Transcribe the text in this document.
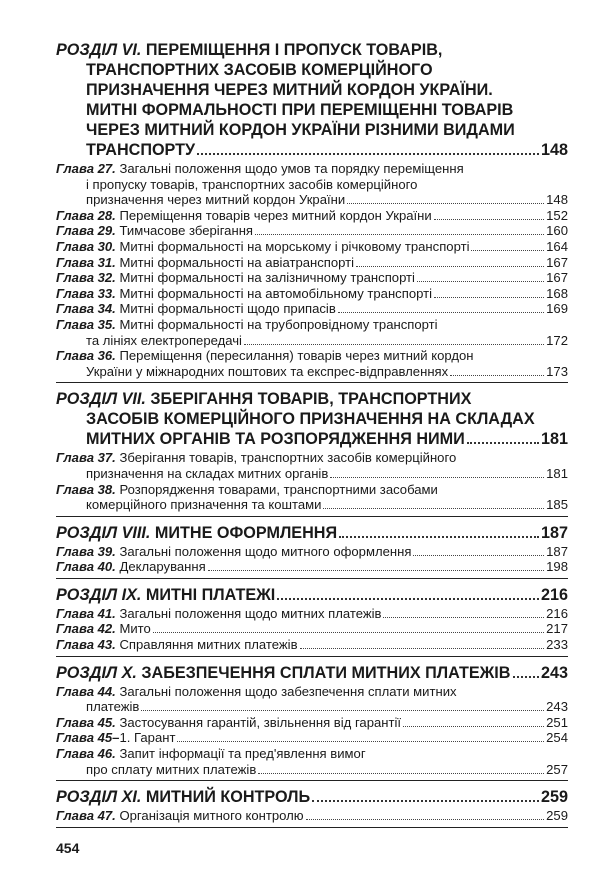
РОЗДІЛ VI. ПЕРЕМІЩЕННЯ І ПРОПУСК ТОВАРІВ,
ТРАНСПОРТНИХ ЗАСОБІВ КОМЕРЦІЙНОГО
ПРИЗНАЧЕННЯ ЧЕРЕЗ МИТНИЙ КОРДОН УКРАЇНИ.
МИТНІ ФОРМАЛЬНОСТІ ПРИ ПЕРЕМІЩЕННІ ТОВАРІВ
ЧЕРЕЗ МИТНИЙ КОРДОН УКРАЇНИ РІЗНИМИ ВИДАМИ
ТРАНСПОРТУ	148
Глава 27. Загальні положення щодо умов та порядку переміщення
і пропуску товарів, транспортних засобів комерційного
призначення через митний кордон України	148
Глава 28. Переміщення товарів через митний кордон України	152
Глава 29. Тимчасове зберігання	160
Глава 30. Митні формальності на морському і річковому транспорті	164
Глава 31. Митні формальності на авіатранспорті	167
Глава 32. Митні формальності на залізничному транспорті	167
Глава 33. Митні формальності на автомобільному транспорті	168
Глава 34. Митні формальності щодо припасів	169
Глава 35. Митні формальності на трубопровідному транспорті
та лініях електропередачі	172
Глава 36. Переміщення (пересилання) товарів через митний кордон
України у міжнародних поштових та експрес-відправленнях	173
РОЗДІЛ VII. ЗБЕРІГАННЯ ТОВАРІВ, ТРАНСПОРТНИХ
ЗАСОБІВ КОМЕРЦІЙНОГО ПРИЗНАЧЕННЯ НА СКЛАДАХ
МИТНИХ ОРГАНІВ ТА РОЗПОРЯДЖЕННЯ НИМИ	181
Глава 37. Зберігання товарів, транспортних засобів комерційного
призначення на складах митних органів	181
Глава 38. Розпорядження товарами, транспортними засобами
комерційного призначення та коштами	185
РОЗДІЛ VIII. МИТНЕ ОФОРМЛЕННЯ	187
Глава 39. Загальні положення щодо митного оформлення	187
Глава 40. Декларування	198
РОЗДІЛ IX. МИТНІ ПЛАТЕЖІ	216
Глава 41. Загальні положення щодо митних платежів	216
Глава 42. Мито	217
Глава 43. Справляння митних платежів	233
РОЗДІЛ X. ЗАБЕЗПЕЧЕННЯ СПЛАТИ МИТНИХ ПЛАТЕЖІВ 243
Глава 44. Загальні положення щодо забезпечення сплати митних
платежів	243
Глава 45. Застосування гарантій, звільнення від гарантії	251
Глава 45–1. Гарант	254
Глава 46. Запит інформації та пред'явлення вимог
про сплату митних платежів	257
РОЗДІЛ XI. МИТНИЙ КОНТРОЛЬ	259
Глава 47. Організація митного контролю	259
454
